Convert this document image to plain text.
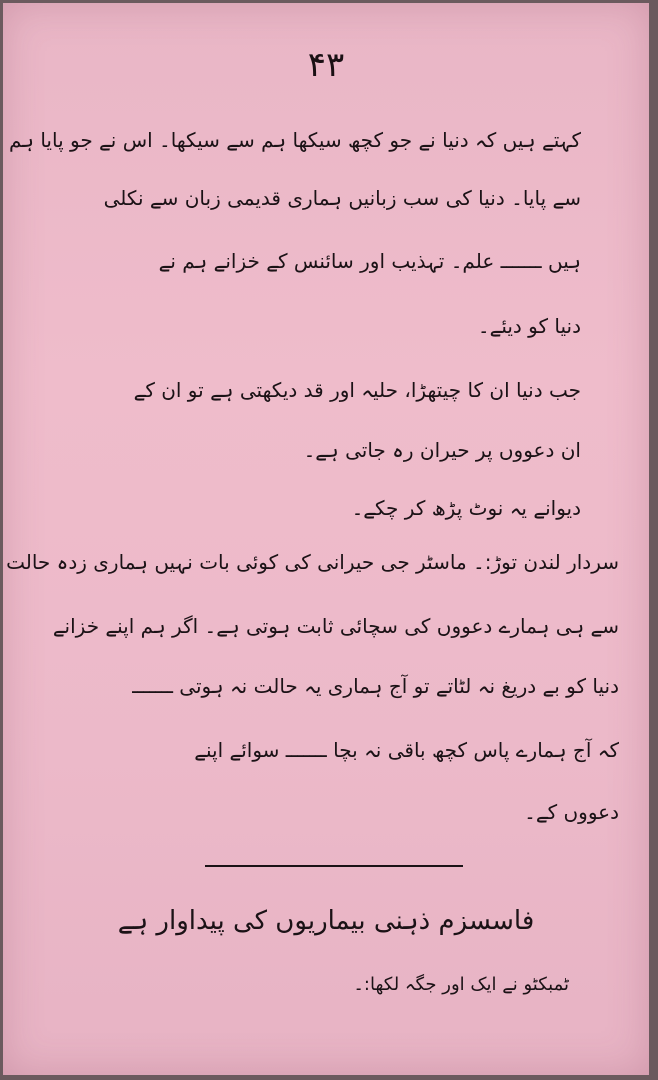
۴۳
کہتے ہیں کہ دنیا نے جو کچھ سیکھا ہم سے سیکھا۔ اس نے جو پایا ہم
سے پایا۔ دنیا کی سب زبانیں ہماری قدیمی زبان سے نکلی
ہیں ـــــــ علم۔ تہذیب اور سائنس کے خزانے ہم نے
دنیا کو دیئے۔
جب دنیا ان کا چیتھڑا، حلیہ اور قد دیکھتی ہے تو ان کے
ان دعووں پر حیران رہ جاتی ہے۔
دیوانے یہ نوٹ پڑھ کر چکے۔
سردار لندن توڑ:۔ ماسٹر جی حیرانی کی کوئی بات نہیں ہماری زدہ حالت
سے ہی ہمارے دعووں کی سچائی ثابت ہوتی ہے۔ اگر ہم اپنے خزانے
دنیا کو بے دریغ نہ لٹاتے تو آج ہماری یہ حالت نہ ہوتی ـــــــ
کہ آج ہمارے پاس کچھ باقی نہ بچا ـــــــ سوائے اپنے
دعووں کے۔
فاسسزم ذہنی بیماریوں کی پیداوار ہے
ٹمبکٹو نے ایک اور جگہ لکھا:۔
